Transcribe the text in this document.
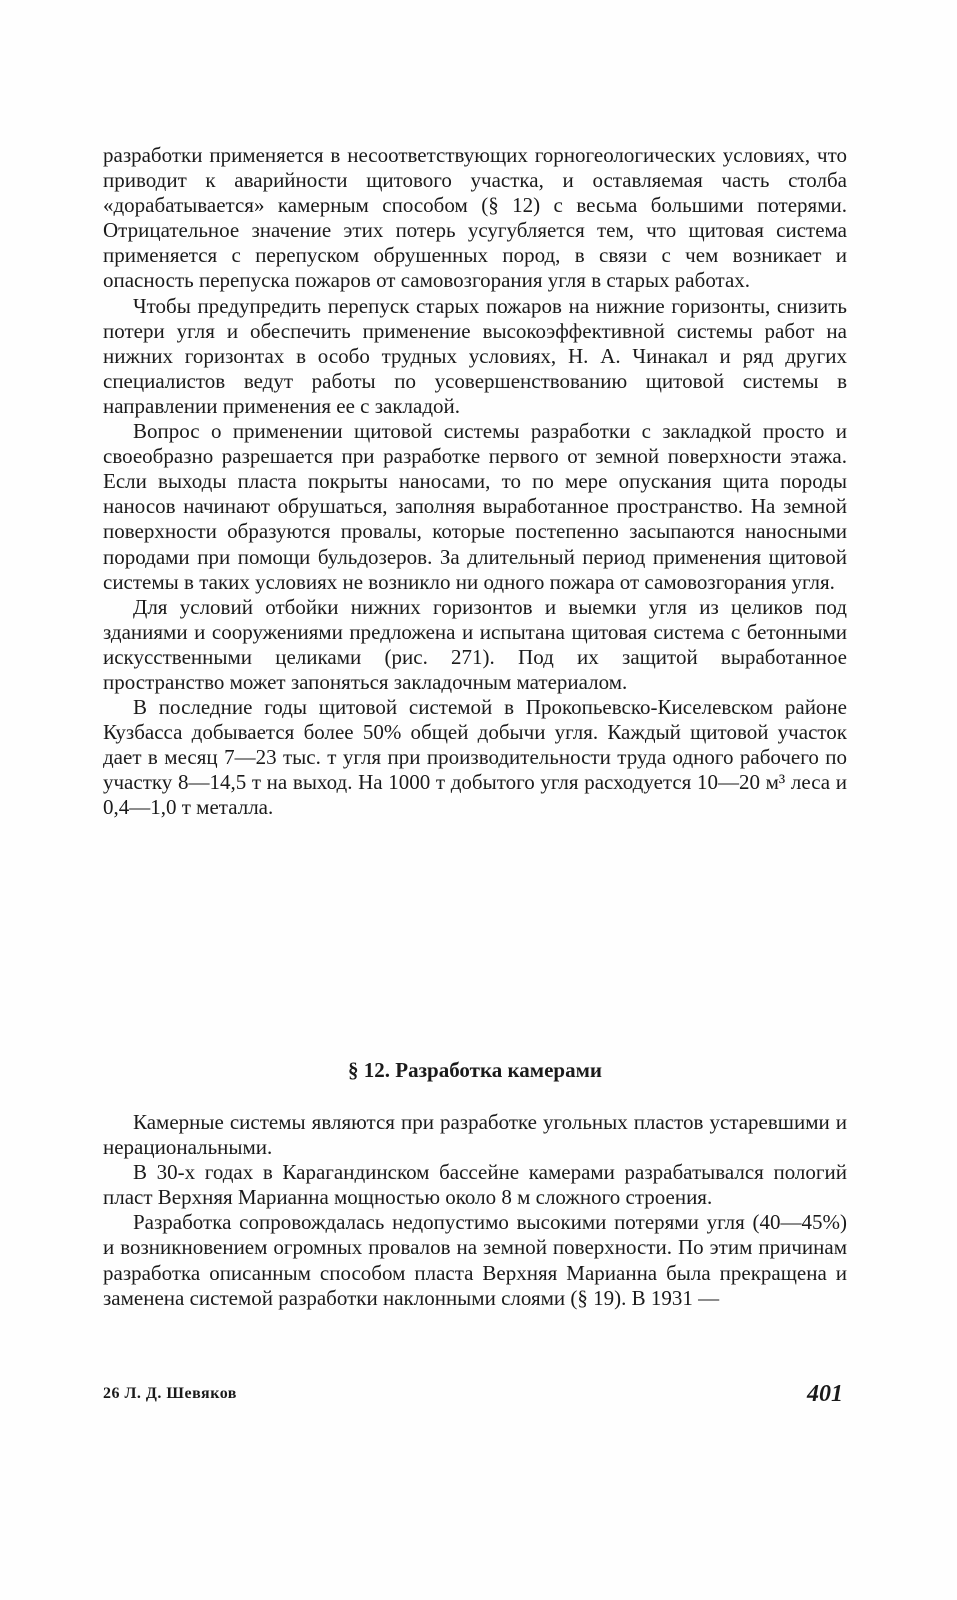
разработки применяется в несоответствующих горногеологических условиях, что приводит к аварийности щитового участка, и оставляемая часть столба «дорабатывается» камерным способом (§ 12) с весьма большими потерями. Отрицательное значение этих потерь усугубляется тем, что щитовая система применяется с перепуском обрушенных пород, в связи с чем возникает и опасность перепуска пожаров от самовозгорания угля в старых работах.

Чтобы предупредить перепуск старых пожаров на нижние горизонты, снизить потери угля и обеспечить применение высокоэффективной системы работ на нижних горизонтах в особо трудных условиях, Н. А. Чинакал и ряд других специалистов ведут работы по усовершенствованию щитовой системы в направлении применения ее с закладой.

Вопрос о применении щитовой системы разработки с закладкой просто и своеобразно разрешается при разработке первого от земной поверхности этажа. Если выходы пласта покрыты наносами, то по мере опускания щита породы наносов начинают обрушаться, заполняя выработанное пространство. На земной поверхности образуются провалы, которые постепенно засыпаются наносными породами при помощи бульдозеров. За длительный период применения щитовой системы в таких условиях не возникло ни одного пожара от самовозгорания угля.

Для условий отбойки нижних горизонтов и выемки угля из целиков под зданиями и сооружениями предложена и испытана щитовая система с бетонными искусственными целиками (рис. 271). Под их защитой выработанное пространство может запоняться закладочным материалом.

В последние годы щитовой системой в Прокопьевско-Киселевском районе Кузбасса добывается более 50% общей добычи угля. Каждый щитовой участок дает в месяц 7—23 тыс. т угля при производительности труда одного рабочего по участку 8—14,5 т на выход. На 1000 т добытого угля расходуется 10—20 м³ леса и 0,4—1,0 т металла.

§ 12. Разработка камерами

Камерные системы являются при разработке угольных пластов устаревшими и нерациональными.

В 30-х годах в Карагандинском бассейне камерами разрабатывался пологий пласт Верхняя Марианна мощностью около 8 м сложного строения.

Разработка сопровождалась недопустимо высокими потерями угля (40—45%) и возникновением огромных провалов на земной поверхности. По этим причинам разработка описанным способом пласта Верхняя Марианна была прекращена и заменена системой разработки наклонными слоями (§ 19). В 1931 —

26 Л. Д. Шевяков	401
